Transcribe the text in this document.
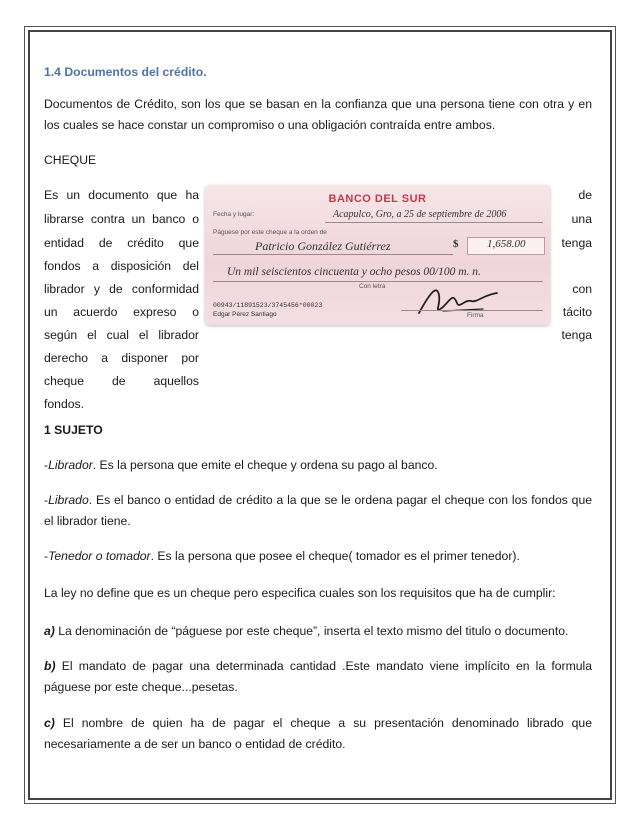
1.4 Documentos del crédito.

Documentos de Crédito, son los que se basan en la confianza que una persona tiene con otra y en los cuales se hace constar un compromiso o una obligación contraída entre ambos.

CHEQUE

Es un documento que ha

librarse contra un banco o

entidad de crédito que

fondos a disposición del

librador y de conformidad

un acuerdo expreso o

según el cual el librador

derecho a disponer por

cheque de aquellos

fondos.

de

una

tenga

con

tácito

tenga

1 SUJETO

-Librador. Es la persona que emite el cheque y ordena su pago al banco.

-Librado. Es el banco o entidad de crédito a la que se le ordena pagar el cheque con los fondos que el librador tiene.

-Tenedor o tomador. Es la persona que posee el cheque( tomador es el primer tenedor).

La ley no define que es un cheque pero especifica cuales son los requisitos que ha de cumplir:

a) La denominación de “páguese por este cheque”, inserta el texto mismo del titulo o documento.

b) El mandato de pagar una determinada cantidad .Este mandato viene implícito en la formula páguese por este cheque...pesetas.

c) El nombre de quien ha de pagar el cheque a su presentación denominado librado que necesariamente a de ser un banco o entidad de crédito.

BANCO DEL SUR
Fecha y lugar:	Acapulco, Gro, a 25 de septiembre de 2006
Páguese por este cheque a la orden de
Patricio González Gutiérrez	$	1,658.00
Un mil seiscientos cincuenta y ocho pesos 00/100 m. n.
Con letra
00943/11891523/3745456*00023
Edgar Pérez Santiago	Firma
